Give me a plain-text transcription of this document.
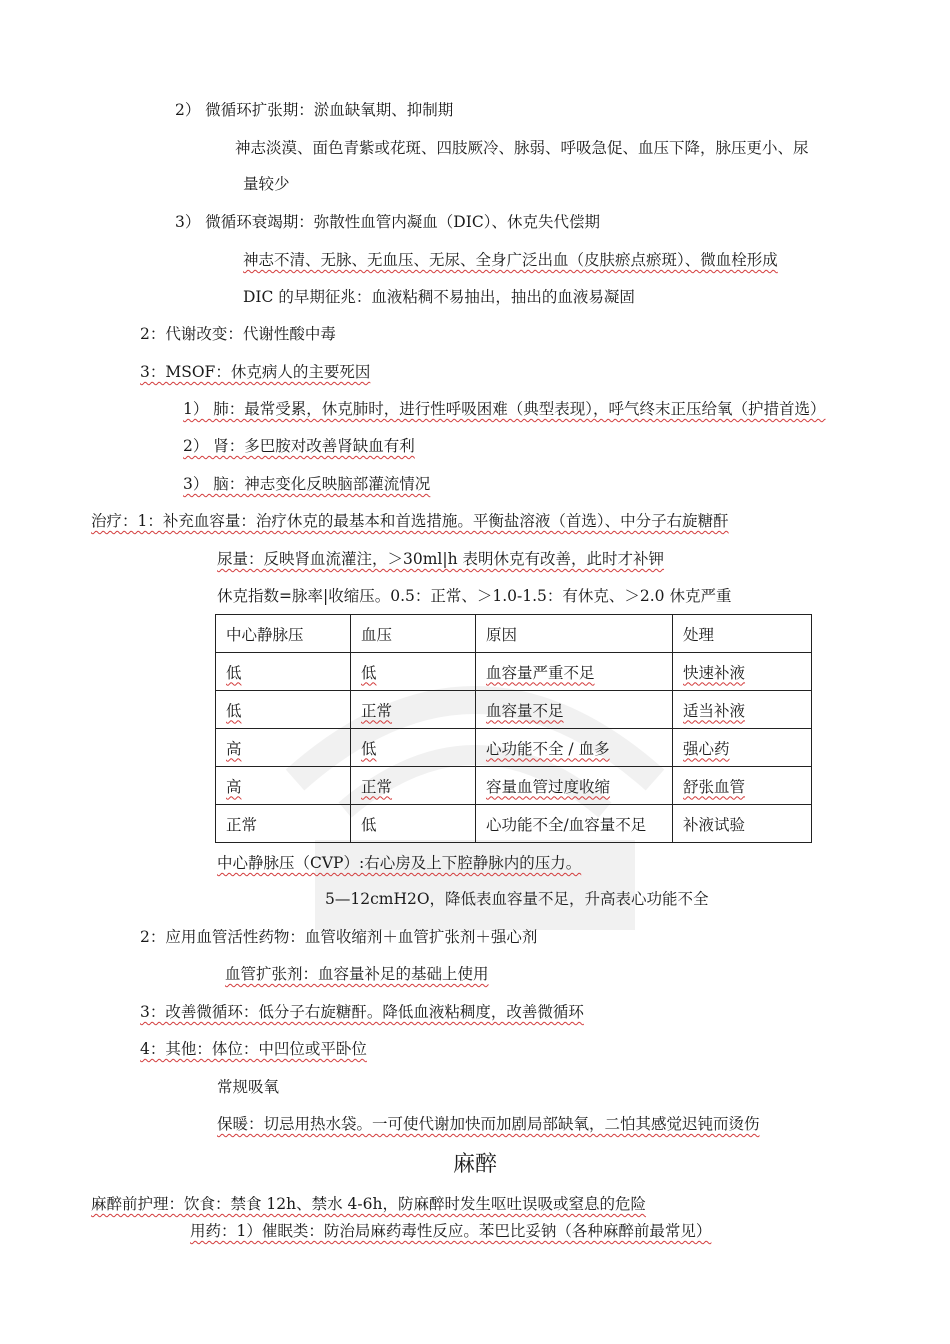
2） 微循环扩张期：淤血缺氧期、抑制期
神志淡漠、面色青紫或花斑、四肢厥冷、脉弱、呼吸急促、血压下降，脉压更小、尿
量较少
3） 微循环衰竭期：弥散性血管内凝血（DIC）、休克失代偿期
神志不清、无脉、无血压、无尿、全身广泛出血（皮肤瘀点瘀斑）、微血栓形成
DIC 的早期征兆：血液粘稠不易抽出，抽出的血液易凝固
2：代谢改变：代谢性酸中毒
3：MSOF：休克病人的主要死因
1） 肺：最常受累，休克肺时，进行性呼吸困难（典型表现），呼气终末正压给氧（护措首选）
2） 肾：多巴胺对改善肾缺血有利
3） 脑：神志变化反映脑部灌流情况
治疗：1：补充血容量：治疗休克的最基本和首选措施。平衡盐溶液（首选）、中分子右旋糖酐
尿量：反映肾血流灌注，＞30ml|h 表明休克有改善，此时才补钾
休克指数=脉率|收缩压。0.5：正常、＞1.0-1.5：有休克、＞2.0 休克严重
中心静脉压	血压	原因	处理
低	低	血容量严重不足	快速补液
低	正常	血容量不足	适当补液
高	低	心功能不全 / 血多	强心药
高	正常	容量血管过度收缩	舒张血管
正常	低	心功能不全/血容量不足	补液试验
中心静脉压（CVP）:右心房及上下腔静脉内的压力。
5—12cmH2O，降低表血容量不足，升高表心功能不全
2：应用血管活性药物：血管收缩剂＋血管扩张剂＋强心剂
血管扩张剂：血容量补足的基础上使用
3：改善微循环：低分子右旋糖酐。降低血液粘稠度，改善微循环
4：其他：体位：中凹位或平卧位
常规吸氧
保暖：切忌用热水袋。一可使代谢加快而加剧局部缺氧，二怕其感觉迟钝而烫伤
麻醉
麻醉前护理：饮食：禁食 12h、禁水 4-6h，防麻醉时发生呕吐误吸或窒息的危险
用药：1）催眠类：防治局麻药毒性反应。苯巴比妥钠（各种麻醉前最常见）
